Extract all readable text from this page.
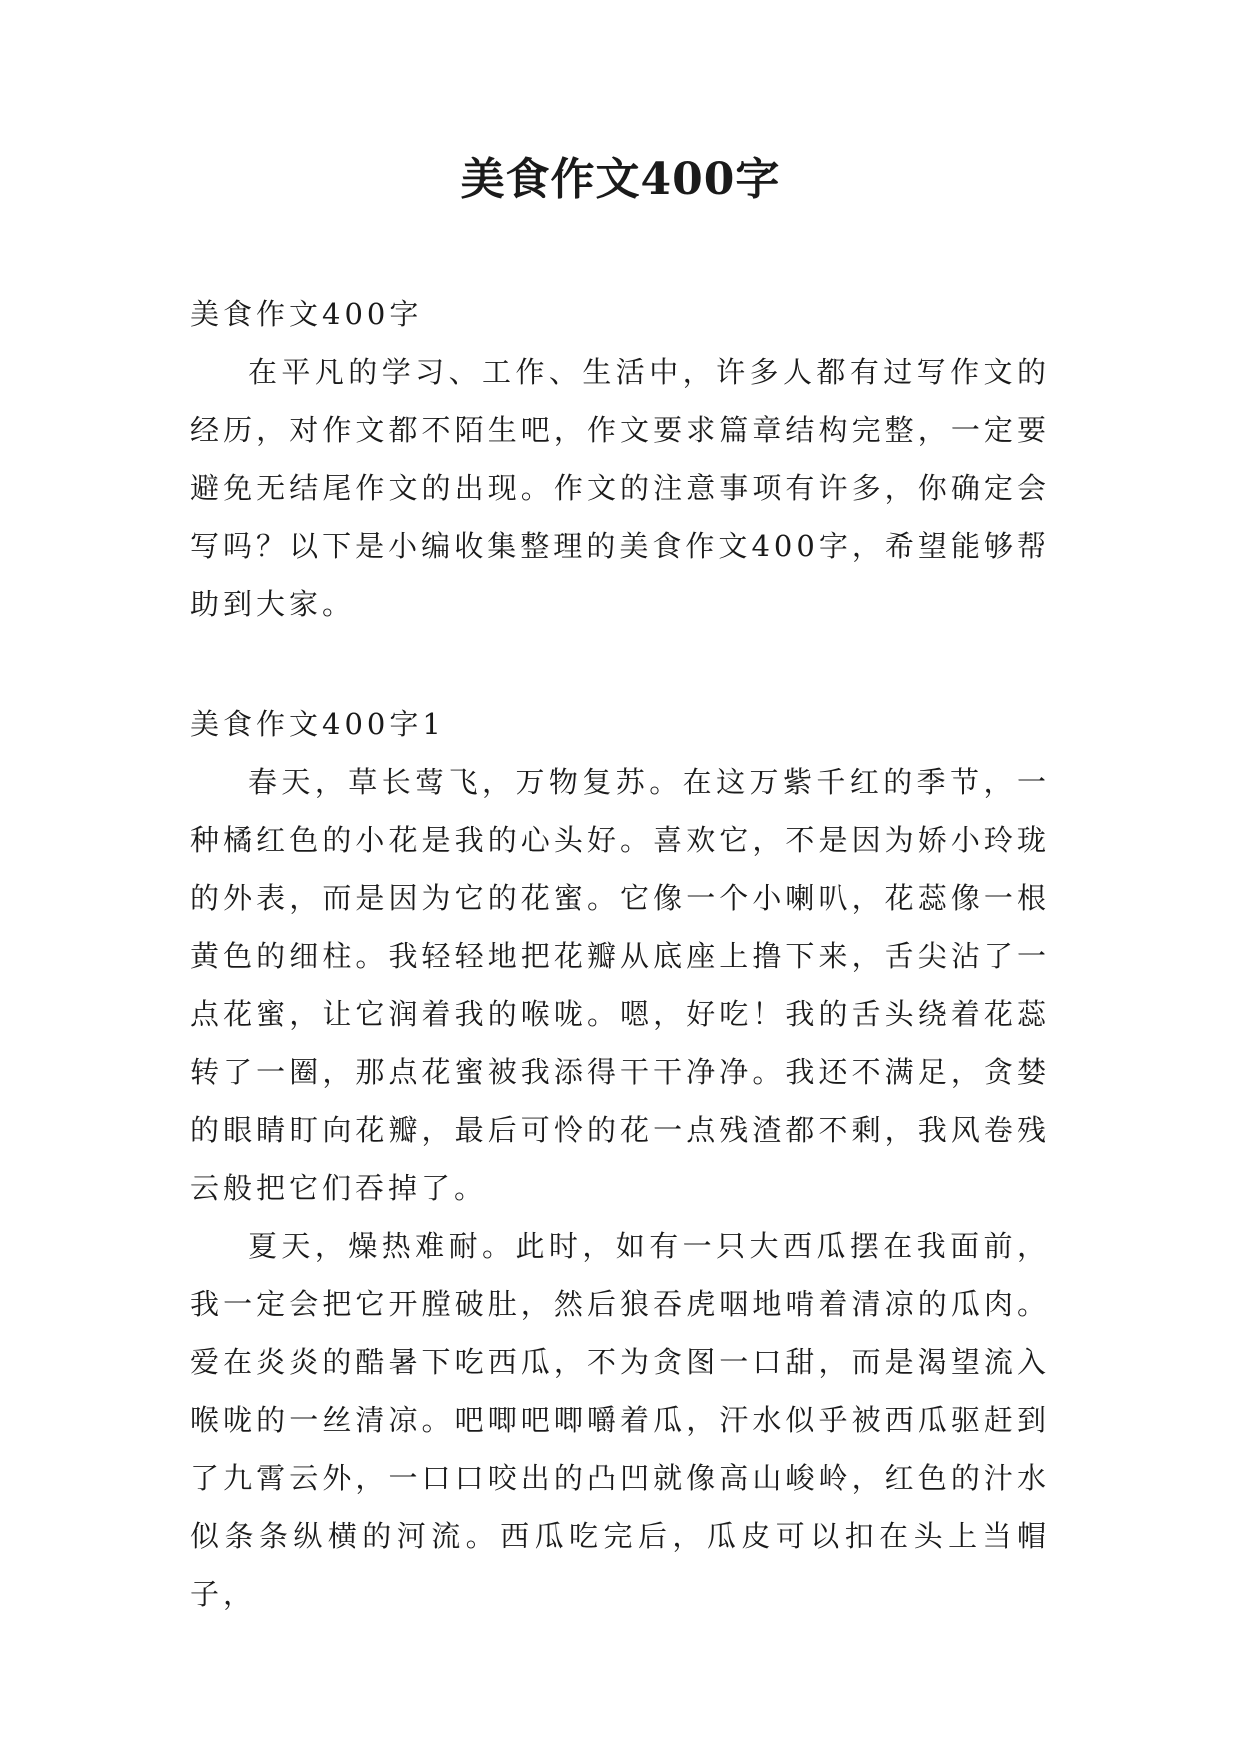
美食作文400字

美食作文400字

在平凡的学习、工作、生活中，许多人都有过写作文的经历，对作文都不陌生吧，作文要求篇章结构完整，一定要避免无结尾作文的出现。作文的注意事项有许多，你确定会写吗？以下是小编收集整理的美食作文400字，希望能够帮助到大家。

美食作文400字1

春天，草长莺飞，万物复苏。在这万紫千红的季节，一种橘红色的小花是我的心头好。喜欢它，不是因为娇小玲珑的外表，而是因为它的花蜜。它像一个小喇叭，花蕊像一根黄色的细柱。我轻轻地把花瓣从底座上撸下来，舌尖沾了一点花蜜，让它润着我的喉咙。嗯，好吃！我的舌头绕着花蕊转了一圈，那点花蜜被我添得干干净净。我还不满足，贪婪的眼睛盯向花瓣，最后可怜的花一点残渣都不剩，我风卷残云般把它们吞掉了。

夏天，燥热难耐。此时，如有一只大西瓜摆在我面前，我一定会把它开膛破肚，然后狼吞虎咽地啃着清凉的瓜肉。爱在炎炎的酷暑下吃西瓜，不为贪图一口甜，而是渴望流入喉咙的一丝清凉。吧唧吧唧嚼着瓜，汗水似乎被西瓜驱赶到了九霄云外，一口口咬出的凸凹就像高山峻岭，红色的汁水似条条纵横的河流。西瓜吃完后，瓜皮可以扣在头上当帽子，
